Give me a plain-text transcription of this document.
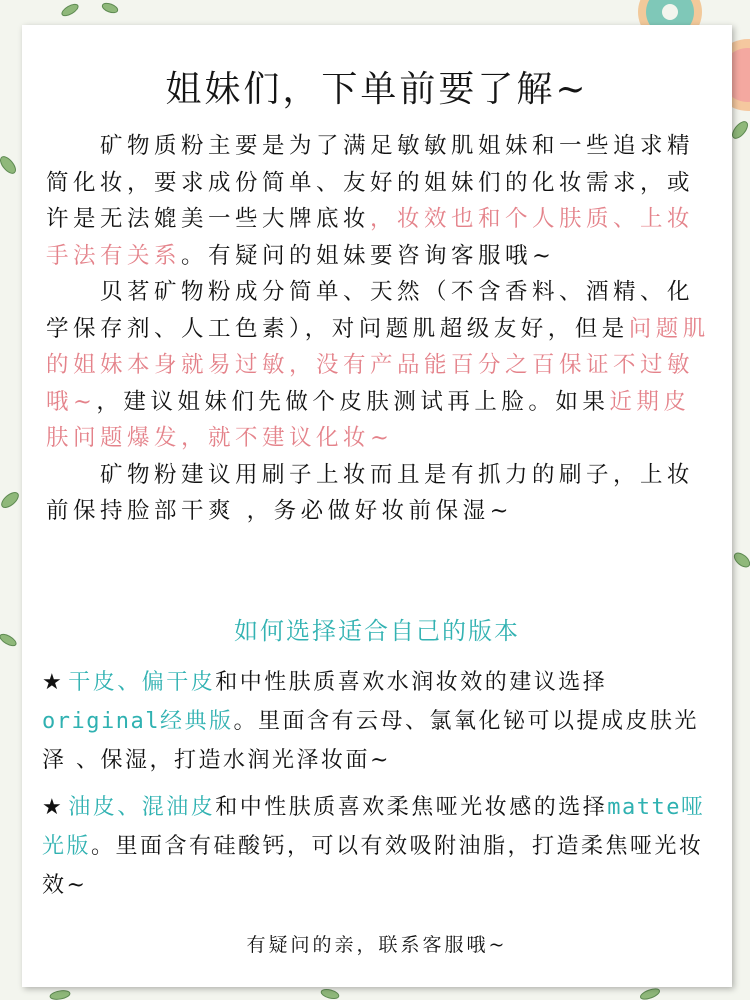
姐妹们，下单前要了解~

矿物质粉主要是为了满足敏敏肌姐妹和一些追求精简化妆，要求成份简单、友好的姐妹们的化妆需求，或许是无法媲美一些大牌底妆，妆效也和个人肤质、上妆手法有关系。有疑问的姐妹要咨询客服哦~

贝茗矿物粉成分简单、天然（不含香料、酒精、化学保存剂、人工色素），对问题肌超级友好，但是问题肌的姐妹本身就易过敏，没有产品能百分之百保证不过敏哦~，建议姐妹们先做个皮肤测试再上脸。如果近期皮肤问题爆发，就不建议化妆~

矿物粉建议用刷子上妆而且是有抓力的刷子，上妆前保持脸部干爽 ，务必做好妆前保湿~

如何选择适合自己的版本

★ 干皮、偏干皮和中性肤质喜欢水润妆效的建议选择original经典版。里面含有云母、氯氧化铋可以提成皮肤光泽 、保湿，打造水润光泽妆面~

★ 油皮、混油皮和中性肤质喜欢柔焦哑光妆感的选择matte哑光版。里面含有硅酸钙，可以有效吸附油脂，打造柔焦哑光妆效~

有疑问的亲，联系客服哦~
